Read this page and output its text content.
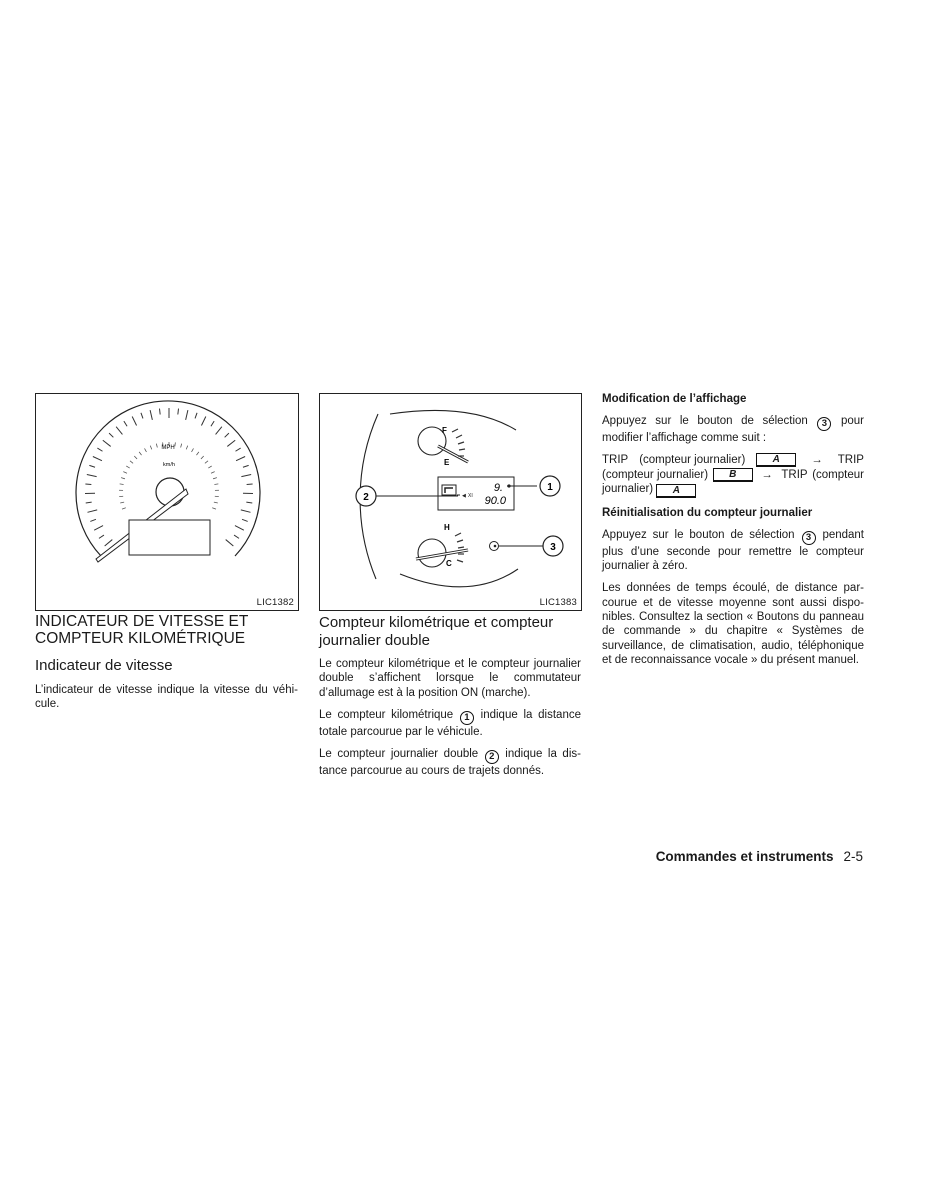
MPH
km/h
LIC1382
F
E
◀ XI
9.
90.0
1
2
H
C
3
LIC1383
INDICATEUR DE VITESSE ET COMPTEUR KILOMÉTRIQUE
Indicateur de vitesse

L’indicateur de vitesse indique la vitesse du véhicule.

Compteur kilométrique et compteur journalier double

Le compteur kilométrique et le compteur journalier double s’affichent lorsque le commutateur d’allumage est à la position ON (marche).

Le compteur kilométrique 1 indique la distance totale parcourue par le véhicule.

Le compteur journalier double 2 indique la distance parcourue au cours de trajets donnés.

Modification de l’affichage

Appuyez sur le bouton de sélection 3 pour modifier l’affichage comme suit :

TRIP (compteur journalier)	A	→ TRIP
(compteur journalier)	B	→ TRIP (compteur
journalier) A
Réinitialisation du compteur journalier

Appuyez sur le bouton de sélection 3 pendant plus d’une seconde pour remettre le compteur journalier à zéro.

Les données de temps écoulé, de distance parcourue et de vitesse moyenne sont aussi disponibles. Consultez la section « Boutons du panneau de commande » du chapitre « Systèmes de surveillance, de climatisation, audio, téléphonique et de reconnaissance vocale » du présent manuel.

Commandes et instruments 2-5
